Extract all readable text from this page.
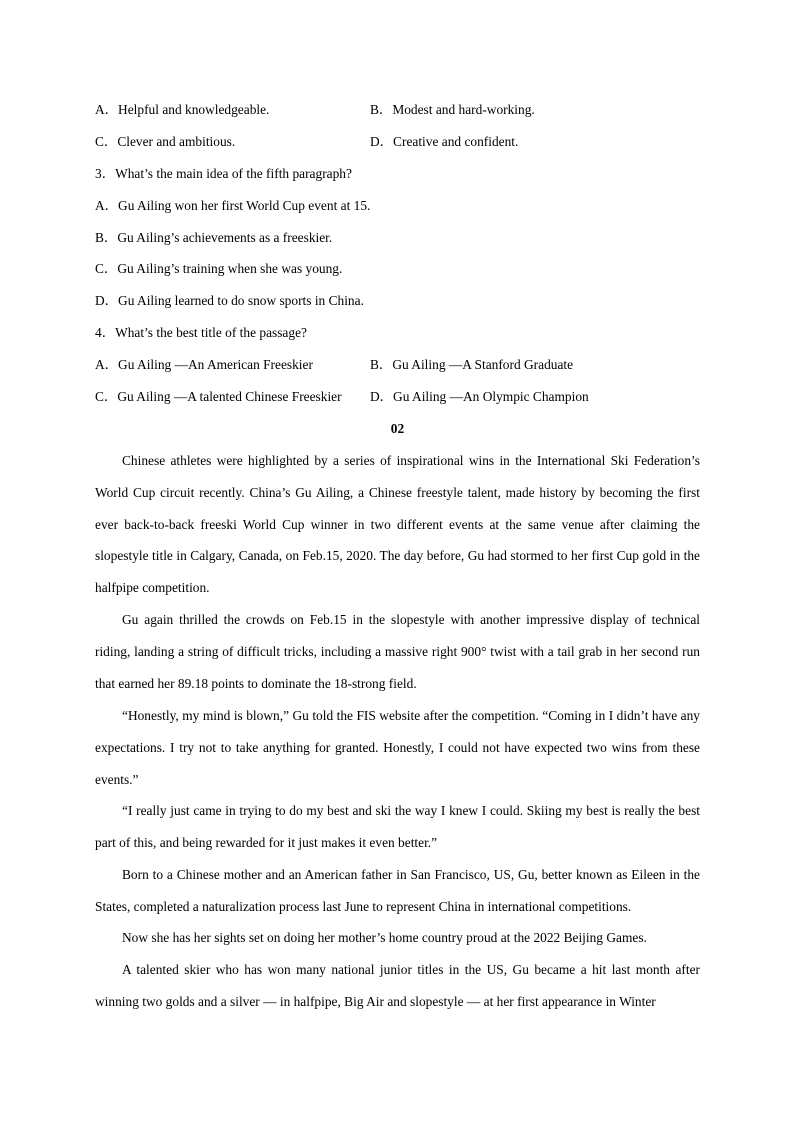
A．Helpful and knowledgeable.	B．Modest and hard-working.
C．Clever and ambitious.	D．Creative and confident.
3．What’s the main idea of the fifth paragraph?
A．Gu Ailing won her first World Cup event at 15.
B．Gu Ailing’s achievements as a freeskier.
C．Gu Ailing’s training when she was young.
D．Gu Ailing learned to do snow sports in China.
4．What’s the best title of the passage?
A．Gu Ailing —An American Freeskier	B．Gu Ailing —A Stanford Graduate
C．Gu Ailing —A talented Chinese Freeskier D．Gu Ailing —An Olympic Champion
02

Chinese athletes were highlighted by a series of inspirational wins in the International Ski Federation’s World Cup circuit recently. China’s Gu Ailing, a Chinese freestyle talent, made history by becoming the first ever back-to-back freeski World Cup winner in two different events at the same venue after claiming the slopestyle title in Calgary, Canada, on Feb.15, 2020. The day before, Gu had stormed to her first Cup gold in the halfpipe competition.

Gu again thrilled the crowds on Feb.15 in the slopestyle with another impressive display of technical riding, landing a string of difficult tricks, including a massive right 900° twist with a tail grab in her second run that earned her 89.18 points to dominate the 18-strong field.

“Honestly, my mind is blown,” Gu told the FIS website after the competition. “Coming in I didn’t have any expectations. I try not to take anything for granted. Honestly, I could not have expected two wins from these events.”

“I really just came in trying to do my best and ski the way I knew I could. Skiing my best is really the best part of this, and being rewarded for it just makes it even better.”

Born to a Chinese mother and an American father in San Francisco, US, Gu, better known as Eileen in the States, completed a naturalization process last June to represent China in international competitions.

Now she has her sights set on doing her mother’s home country proud at the 2022 Beijing Games.

A talented skier who has won many national junior titles in the US, Gu became a hit last month after winning two golds and a silver — in halfpipe, Big Air and slopestyle — at her first appearance in Winter
